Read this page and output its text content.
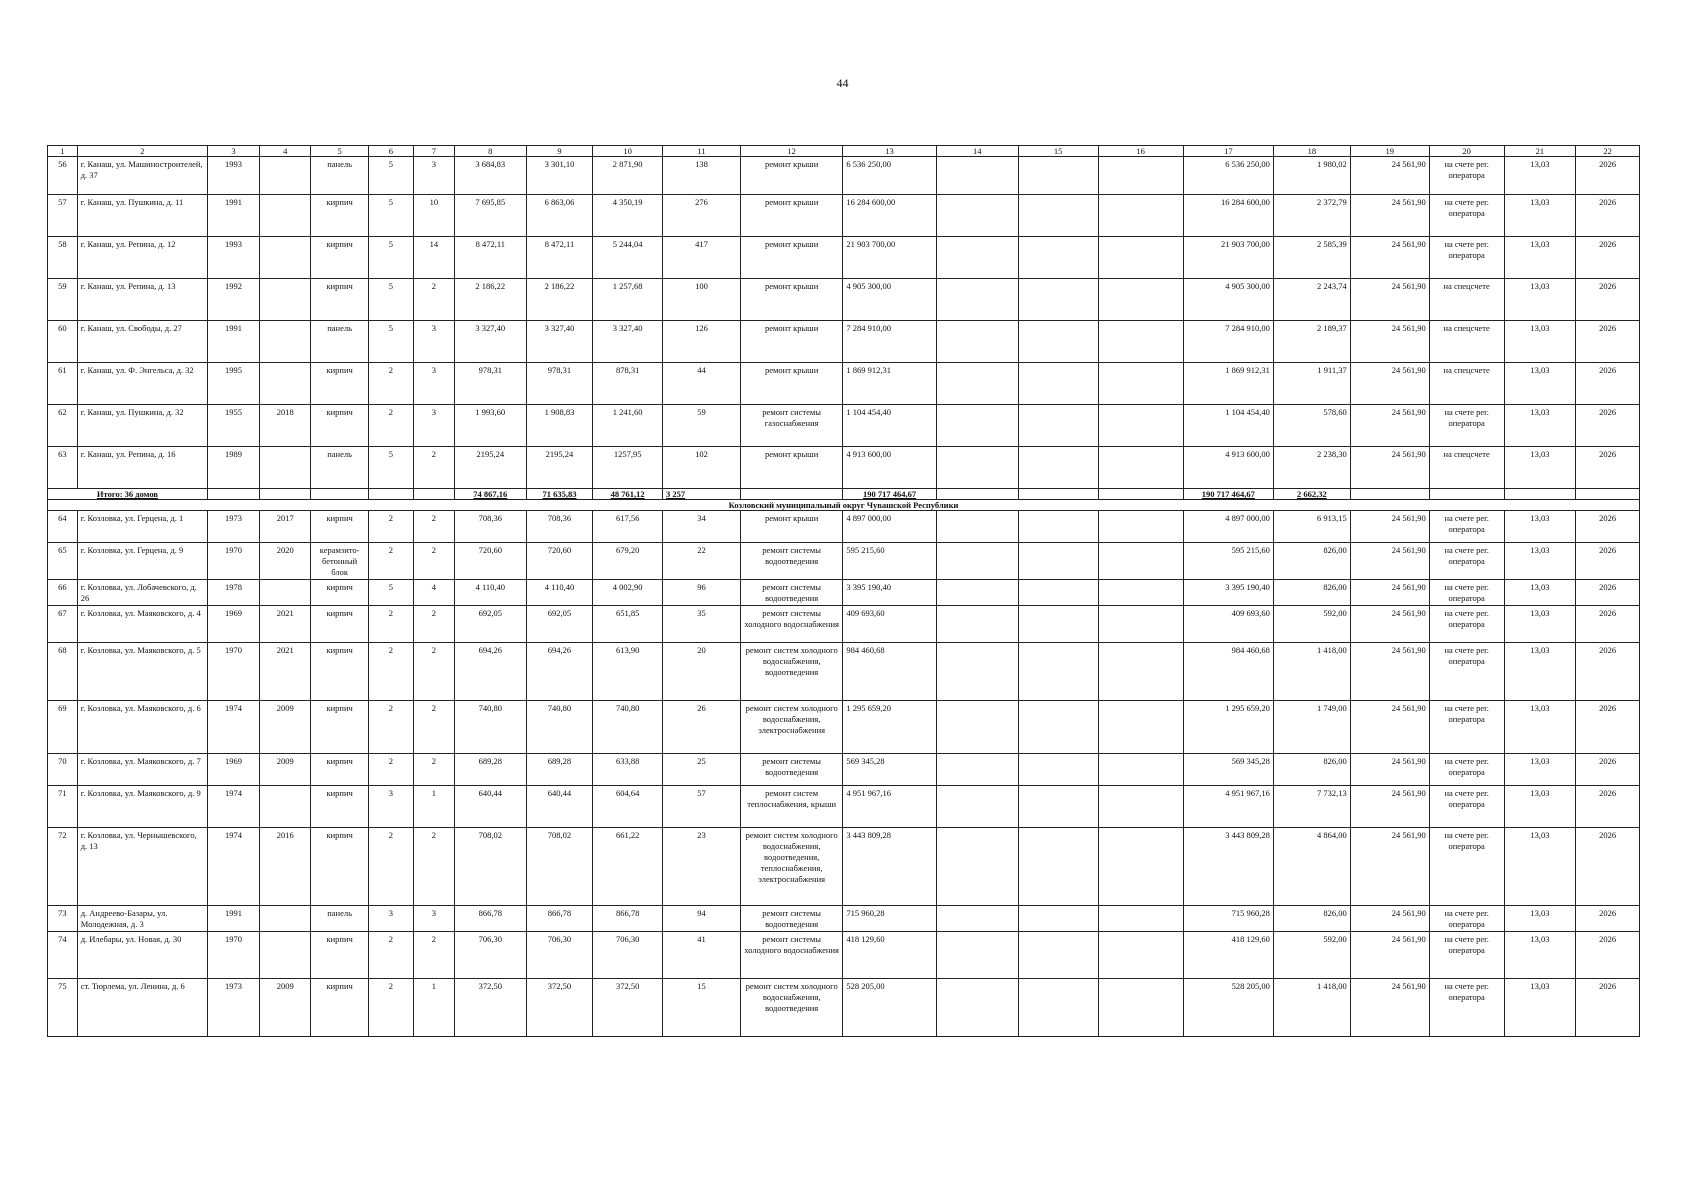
44
1	2	3	4	5	6	7	8	9	10	11	12	13	14	15	16	17	18	19	20	21	22
56	г. Канаш, ул. Машиностроителей, д. 37	1993		панель	5	3	3 684,83	3 301,10	2 871,90	138	ремонт крыши	6 536 250,00				6 536 250,00	1 980,02	24 561,90	на счете рег. оператора	13,03	2026
57	г. Канаш, ул. Пушкина, д. 11	1991		кирпич	5	10	7 695,85	6 863,06	4 350,19	276	ремонт крыши	16 284 600,00				16 284 600,00	2 372,79	24 561,90	на счете рег. оператора	13,03	2026
58	г. Канаш, ул. Репина, д. 12	1993		кирпич	5	14	8 472,11	8 472,11	5 244,04	417	ремонт крыши	21 903 700,00				21 903 700,00	2 585,39	24 561,90	на счете рег. оператора	13,03	2026
59	г. Канаш, ул. Репина, д. 13	1992		кирпич	5	2	2 186,22	2 186,22	1 257,68	100	ремонт крыши	4 905 300,00				4 905 300,00	2 243,74	24 561,90	на спецсчете	13,03	2026
60	г. Канаш, ул. Свободы, д. 27	1991		панель	5	3	3 327,40	3 327,40	3 327,40	126	ремонт крыши	7 284 910,00				7 284 910,00	2 189,37	24 561,90	на спецсчете	13,03	2026
61	г. Канаш, ул. Ф. Энгельса, д. 32	1995		кирпич	2	3	978,31	978,31	878,31	44	ремонт крыши	1 869 912,31				1 869 912,31	1 911,37	24 561,90	на спецсчете	13,03	2026
62	г. Канаш, ул. Пушкина, д. 32	1955	2018	кирпич	2	3	1 993,60	1 908,83	1 241,60	59	ремонт системы газоснабжения	1 104 454,40				1 104 454,40	578,60	24 561,90	на счете рег. оператора	13,03	2026
63	г. Канаш, ул. Репина, д. 16	1989		панель	5	2	2195,24	2195,24	1257,95	102	ремонт крыши	4 913 600,00				4 913 600,00	2 238,30	24 561,90	на спецсчете	13,03	2026
Итого: 36 домов							74 867,16	71 635,83	48 761,12	3 257		190 717 464,67				190 717 464,67	2 662,32				
Козловский муниципальный округ Чувашской Республики																					
64	г. Козловка, ул. Герцена, д. 1	1973	2017	кирпич	2	2	708,36	708,36	617,56	34	ремонт крыши	4 897 000,00				4 897 000,00	6 913,15	24 561,90	на счете рег. оператора	13,03	2026
65	г. Козловка, ул. Герцена, д. 9	1970	2020	керамзито-бетонный блок	2	2	720,60	720,60	679,20	22	ремонт системы водоотведения	595 215,60				595 215,60	826,00	24 561,90	на счете рег. оператора	13,03	2026
66	г. Козловка, ул. Лобачевского, д. 26	1978		кирпич	5	4	4 110,40	4 110,40	4 002,90	96	ремонт системы водоотведения	3 395 190,40				3 395 190,40	826,00	24 561,90	на счете рег. оператора	13,03	2026
67	г. Козловка, ул. Маяковского, д. 4	1969	2021	кирпич	2	2	692,05	692,05	651,85	35	ремонт системы холодного водоснабжения	409 693,60				409 693,60	592,00	24 561,90	на счете рег. оператора	13,03	2026
68	г. Козловка, ул. Маяковского, д. 5	1970	2021	кирпич	2	2	694,26	694,26	613,90	20	ремонт систем холодного водоснабжения, водоотведения	984 460,68				984 460,68	1 418,00	24 561,90	на счете рег. оператора	13,03	2026
69	г. Козловка, ул. Маяковского, д. 6	1974	2009	кирпич	2	2	740,80	740,80	740,80	26	ремонт систем холодного водоснабжения, электроснабжения	1 295 659,20				1 295 659,20	1 749,00	24 561,90	на счете рег. оператора	13,03	2026
70	г. Козловка, ул. Маяковского, д. 7	1969	2009	кирпич	2	2	689,28	689,28	633,88	25	ремонт системы водоотведения	569 345,28				569 345,28	826,00	24 561,90	на счете рег. оператора	13,03	2026
71	г. Козловка, ул. Маяковского, д. 9	1974		кирпич	3	1	640,44	640,44	604,64	57	ремонт систем теплоснабжения, крыши	4 951 967,16				4 951 967,16	7 732,13	24 561,90	на счете рег. оператора	13,03	2026
72	г. Козловка, ул. Чернышевского, д. 13	1974	2016	кирпич	2	2	708,02	708,02	661,22	23	ремонт систем холодного водоснабжения, водоотведения, теплоснабжения, электроснабжения	3 443 809,28				3 443 809,28	4 864,00	24 561,90	на счете рег. оператора	13,03	2026
73	д. Андреево-Базары, ул. Молодежная, д. 3	1991		панель	3	3	866,78	866,78	866,78	94	ремонт системы водоотведения	715 960,28				715 960,28	826,00	24 561,90	на счете рег. оператора	13,03	2026
74	д. Илебары, ул. Новая, д. 30	1970		кирпич	2	2	706,30	706,30	706,30	41	ремонт системы холодного водоснабжения	418 129,60				418 129,60	592,00	24 561,90	на счете рег. оператора	13,03	2026
75	ст. Тюрлема, ул. Ленина, д. 6	1973	2009	кирпич	2	1	372,50	372,50	372,50	15	ремонт систем холодного водоснабжения, водоотведения	528 205,00				528 205,00	1 418,00	24 561,90	на счете рег. оператора	13,03	2026
